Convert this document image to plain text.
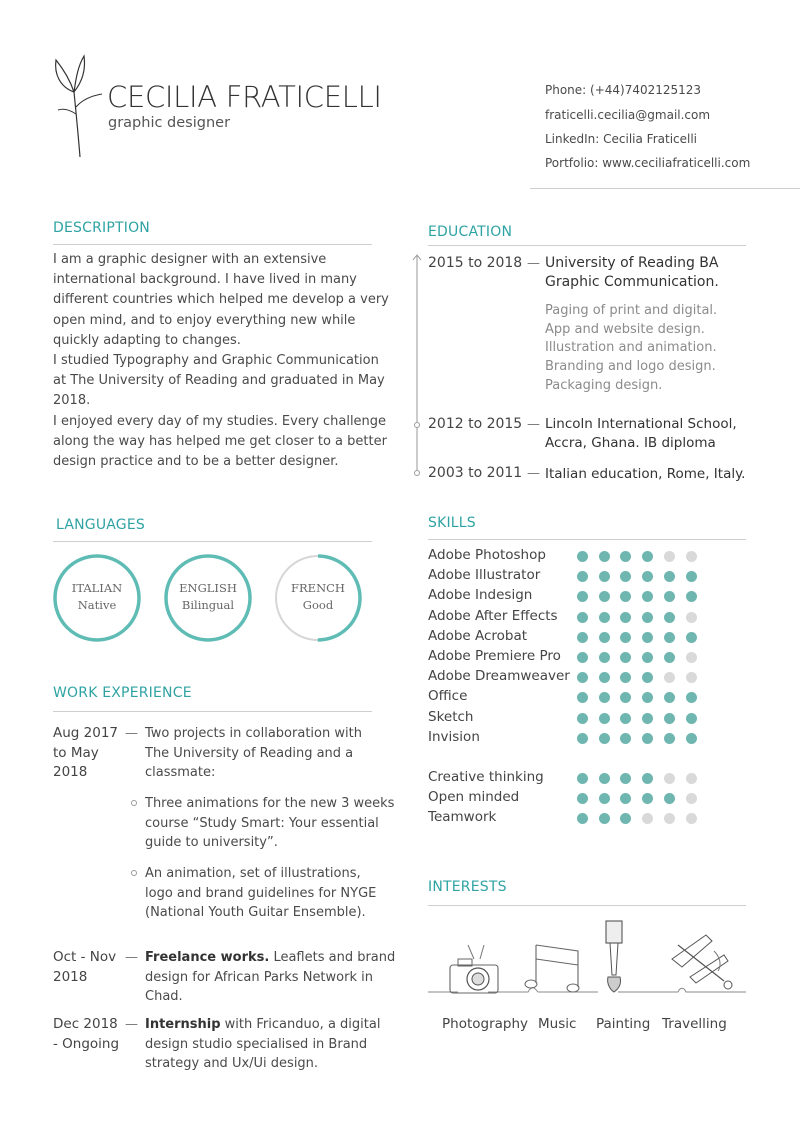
CECILIA FRATICELLI
graphic designer
Phone: (+44)7402125123
fraticelli.cecilia@gmail.com
LinkedIn: Cecilia Fraticelli
Portfolio: www.ceciliafraticelli.com
DESCRIPTION
I am a graphic designer with an extensive
international background. I have lived in many
different countries which helped me develop a very
open mind, and to enjoy everything new while
quickly adapting to changes.
I studied Typography and Graphic Communication
at The University of Reading and graduated in May
2018.
I enjoyed every day of my studies. Every challenge
along the way has helped me get closer to a better
design practice and to be a better designer.
LANGUAGES
ITALIAN
Native
ENGLISH
Bilingual
FRENCH
Good
WORK EXPERIENCE
Aug 2017
to May
2018
— Two projects in collaboration with
The University of Reading and a
classmate:
Three animations for the new 3 weeks
course “Study Smart: Your essential
guide to university”.
An animation, set of illustrations,
logo and brand guidelines for NYGE
(National Youth Guitar Ensemble).
Oct - Nov
2018
— Freelance works. Leaflets and brand
design for African Parks Network in
Chad.
Dec 2018
- Ongoing
— Internship with Fricanduo, a digital
design studio specialised in Brand
strategy and Ux/Ui design.
EDUCATION
2015 to 2018 — University of Reading BA
Graphic Communication.
Paging of print and digital.
App and website design.
Illustration and animation.
Branding and logo design.
Packaging design.
2012 to 2015 — Lincoln International School,
Accra, Ghana. IB diploma
2003 to 2011 — Italian education, Rome, Italy.
SKILLS
Adobe Photoshop
Adobe Illustrator
Adobe Indesign
Adobe After Effects
Adobe Acrobat
Adobe Premiere Pro
Adobe Dreamweaver
Office
Sketch
Invision
Creative thinking
Open minded
Teamwork
INTERESTS
Photography Music Painting Travelling
